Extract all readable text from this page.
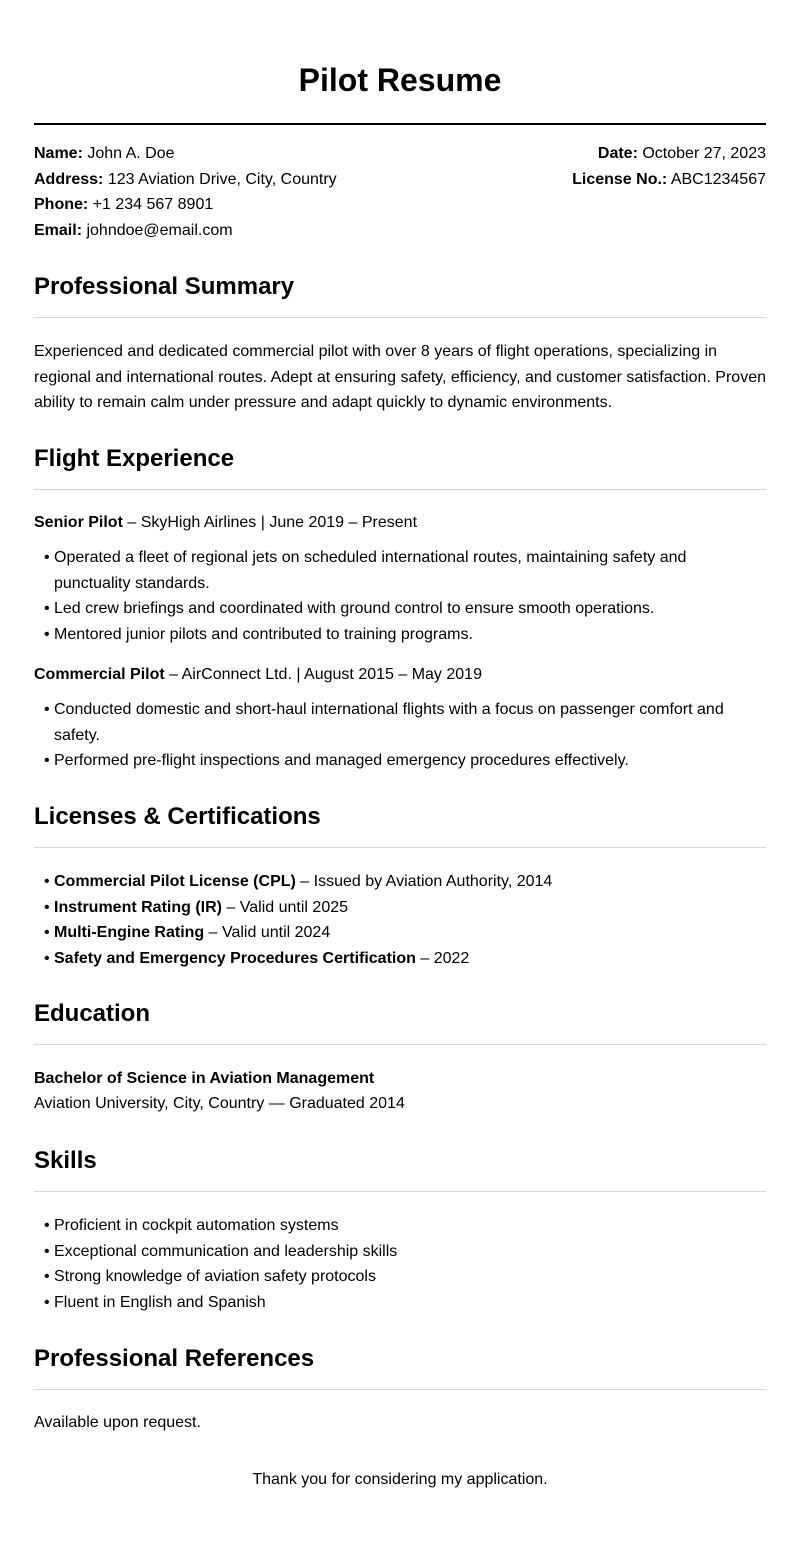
Pilot Resume
Name: John A. Doe
Address: 123 Aviation Drive, City, Country
Phone: +1 234 567 8901
Email: johndoe@email.com
Date: October 27, 2023
License No.: ABC1234567
Professional Summary
Experienced and dedicated commercial pilot with over 8 years of flight operations, specializing in regional and international routes. Adept at ensuring safety, efficiency, and customer satisfaction. Proven ability to remain calm under pressure and adapt quickly to dynamic environments.
Flight Experience
Senior Pilot – SkyHigh Airlines | June 2019 – Present
• Operated a fleet of regional jets on scheduled international routes, maintaining safety and punctuality standards.
• Led crew briefings and coordinated with ground control to ensure smooth operations.
• Mentored junior pilots and contributed to training programs.
Commercial Pilot – AirConnect Ltd. | August 2015 – May 2019
• Conducted domestic and short-haul international flights with a focus on passenger comfort and safety.
• Performed pre-flight inspections and managed emergency procedures effectively.
Licenses & Certifications
• Commercial Pilot License (CPL) – Issued by Aviation Authority, 2014
• Instrument Rating (IR) – Valid until 2025
• Multi-Engine Rating – Valid until 2024
• Safety and Emergency Procedures Certification – 2022
Education
Bachelor of Science in Aviation Management
Aviation University, City, Country — Graduated 2014
Skills
• Proficient in cockpit automation systems
• Exceptional communication and leadership skills
• Strong knowledge of aviation safety protocols
• Fluent in English and Spanish
Professional References
Available upon request.
Thank you for considering my application.
